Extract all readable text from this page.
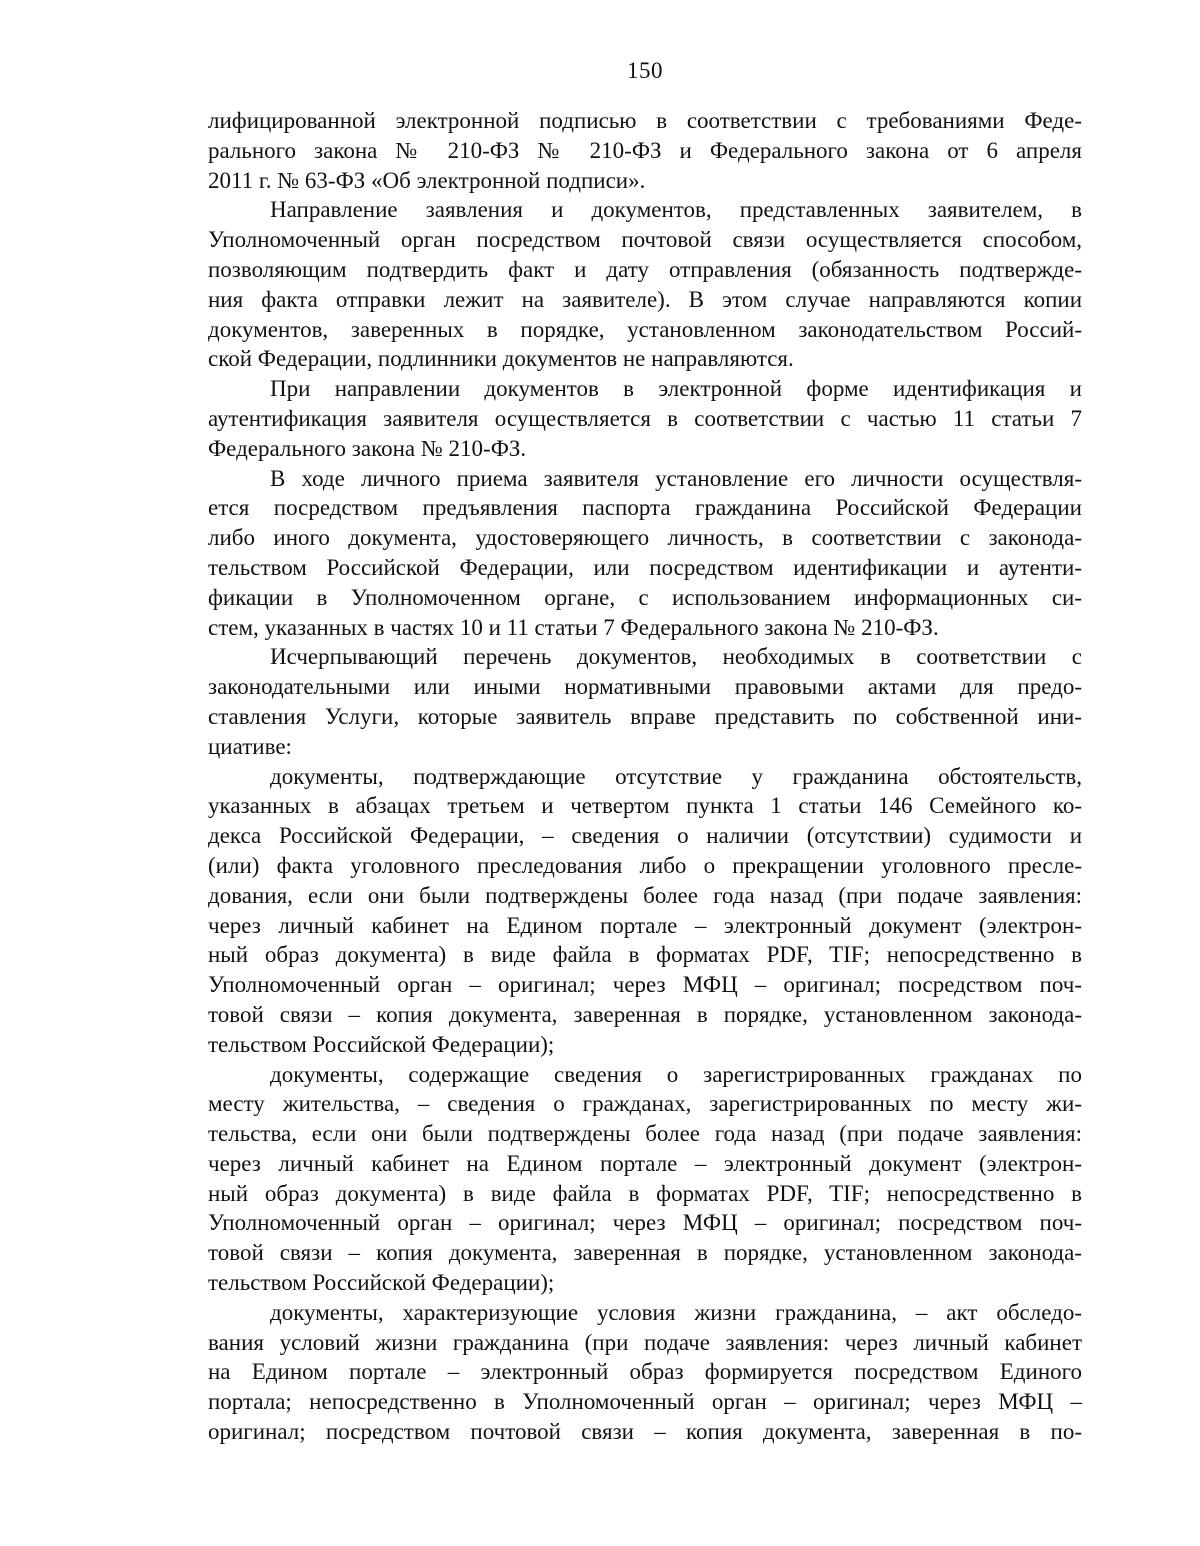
150

лифицированной электронной подписью в соответствии с требованиями Феде-
рального закона № 210-ФЗ № 210-ФЗ и Федерального закона от 6 апреля
2011 г. № 63-ФЗ «Об электронной подписи».

Направление заявления и документов, представленных заявителем, в
Уполномоченный орган посредством почтовой связи осуществляется способом,
позволяющим подтвердить факт и дату отправления (обязанность подтвержде-
ния факта отправки лежит на заявителе). В этом случае направляются копии
документов, заверенных в порядке, установленном законодательством Россий-
ской Федерации, подлинники документов не направляются.

При направлении документов в электронной форме идентификация и
аутентификация заявителя осуществляется в соответствии с частью 11 статьи 7
Федерального закона № 210-ФЗ.

В ходе личного приема заявителя установление его личности осуществля-
ется посредством предъявления паспорта гражданина Российской Федерации
либо иного документа, удостоверяющего личность, в соответствии с законода-
тельством Российской Федерации, или посредством идентификации и аутенти-
фикации в Уполномоченном органе, с использованием информационных си-
стем, указанных в частях 10 и 11 статьи 7 Федерального закона № 210-ФЗ.

Исчерпывающий перечень документов, необходимых в соответствии с
законодательными или иными нормативными правовыми актами для предо-
ставления Услуги, которые заявитель вправе представить по собственной ини-
циативе:

документы, подтверждающие отсутствие у гражданина обстоятельств,
указанных в абзацах третьем и четвертом пункта 1 статьи 146 Семейного ко-
декса Российской Федерации, – сведения о наличии (отсутствии) судимости и
(или) факта уголовного преследования либо о прекращении уголовного пресле-
дования, если они были подтверждены более года назад (при подаче заявления:
через личный кабинет на Едином портале – электронный документ (электрон-
ный образ документа) в виде файла в форматах PDF, TIF; непосредственно в
Уполномоченный орган – оригинал; через МФЦ – оригинал; посредством поч-
товой связи – копия документа, заверенная в порядке, установленном законода-
тельством Российской Федерации);

документы, содержащие сведения о зарегистрированных гражданах по
месту жительства, – сведения о гражданах, зарегистрированных по месту жи-
тельства, если они были подтверждены более года назад (при подаче заявления:
через личный кабинет на Едином портале – электронный документ (электрон-
ный образ документа) в виде файла в форматах PDF, TIF; непосредственно в
Уполномоченный орган – оригинал; через МФЦ – оригинал; посредством поч-
товой связи – копия документа, заверенная в порядке, установленном законода-
тельством Российской Федерации);

документы, характеризующие условия жизни гражданина, – акт обследо-
вания условий жизни гражданина (при подаче заявления: через личный кабинет
на Едином портале – электронный образ формируется посредством Единого
портала; непосредственно в Уполномоченный орган – оригинал; через МФЦ –
оригинал; посредством почтовой связи – копия документа, заверенная в по-
